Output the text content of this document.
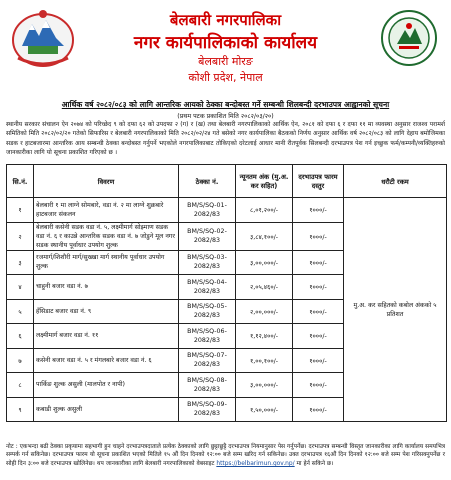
बेलबारी नगरपालिका
नगर कार्यपालिकाको कार्यालय
बेलबारी मोरङ
कोशी प्रदेश, नेपाल
आर्थिक वर्ष २०८२/०८३ को लागि आन्तरिक आयको ठेक्का बन्दोबस्त गर्ने सम्बन्धी शिलबन्दी दरभाउपत्र आह्वानको सूचना
(प्रथम पटक प्रकाशित मिति २०८२/०३/२०)
स्थानीय सरकार संचालन ऐन २०७४ को परिच्छेद ९ को दफा ६२ को उपदफा २ (ग) र (ख) तथा बेलबारी नगरपालिकाको आर्थिक ऐन, २०८१ को दफा ६ र दफा ११ मा व्यवस्था अनुसार राजश्व परामर्श समितिको मिति २०८२/०२/२० गतेको सिफारिस र बेलबारी नगरपालिकाको मिति २०८२/०२/२४ गते बसेको नगर कार्यपालिका बैठकको निर्णय अनुसार आर्थिक वर्ष २०८२/०८३ को लागि देहाय बमोजिमका सडक र हाटबजारमा आन्तरिक आय सम्बन्धी ठेक्का बन्दोबस्त गर्नुपर्ने भएकोले नगरपालिकाबाट तोकिएको दरेटलाई आधार मानी रीतपूर्वक सिलबन्दी दरभाउपत्र पेश गर्न इच्छुक फर्म/कम्पनी/व्यक्तिहरुको जानकारीका लागि यो सूचना प्रकाशित गरिएको छ ।
सि.नं.	विवरण	ठेक्का नं.	न्यूनतम अंक (मु.अ. कर सहित)	दरभाउपत्र फारम दस्तुर	धरौटी रकम
१	बेलबारी १ मा लाग्ने सोमबारे, वडा नं. २ मा लाग्ने शुक्रबारे हाटबजार संकलन	BM/S/SQ-01-2082/83	८,०१,२००/-	१०००/-	मु.अ. कर सहितको कबोल अंकको ५ प्रतिशत
२	बेलबारी कसेनी सडक वडा नं. ५, लक्ष्मीमार्ग सोझ्माण सडक वडा नं. ६ र काउन्ने आन्तरिक सडक वडा नं. ७ जोडुने मूल नगर सडक स्थानीय पूर्वाधार उपयोग शुल्क	BM/S/SQ-02-2082/83	३,८४,१००/-	१०००/-	
३	रजमार्ग/शिशौरी मार्ग/सुख्खा मार्ग स्थानीय पूर्वाधार उपयोग शुल्क	BM/S/SQ-03-2082/83	३,००,०००/-	१०००/-	
४	चाहुनी बजार वडा नं. ७	BM/S/SQ-04-2082/83	२,०५,४६०/-	१०००/-	
५	हँसिडाट बजार वडा नं. ९	BM/S/SQ-05-2082/83	२,००,०००/-	१०००/-	
६	लक्ष्मीमार्ग बजार वडा नं. ११	BM/S/SQ-06-2082/83	१,१२,४००/-	१०००/-	
७	कसेनी बजार वडा नं. ५ र मंगलबारे बजार वडा नं. ६	BM/S/SQ-07-2082/83	१,००,१००/-	१०००/-	
८	पार्किङ शुल्क असुली (मालपोत र नापी)	BM/S/SQ-08-2082/83	३,००,०००/-	१०००/-	
९	कबाडी शुल्क असुली	BM/S/SQ-09-2082/83	१,५०,०००/-	१०००/-	
नोट : एकभन्दा बढी ठेक्का प्रकृयामा सहभागी हुन चाहने दरभाउपत्रदाताले प्रत्येक ठेक्काको लागि छुट्टाछुट्टै दरभाउपत्र नियमानुसार पेस गर्नुपर्नेछ। दरभाउपत्र सम्बन्धी विस्तृत जानकारीका लागि कार्यालय समयभित्र सम्पर्क गर्न सकिनेछ। दरभाउपत्र फारम यो सूचना प्रकाशित भएको मितिले १५ औं दिन दिनको १२:०० बजे सम्म खरिद गर्न सकिनेछ। उक्त दरभाउपत्र १६औं दिन दिनको १२:०० बजे सम्म पेश गरिसक्नुपर्नेछ र सोही दिन ३:०० बजे दरभाउपत्र खोलिनेछ। थप जानकारीका लागि बेलबारी नगरपालिकाको वेबसाइट https://belbarimun.gov.np/ मा हेर्न सकिने छ।
